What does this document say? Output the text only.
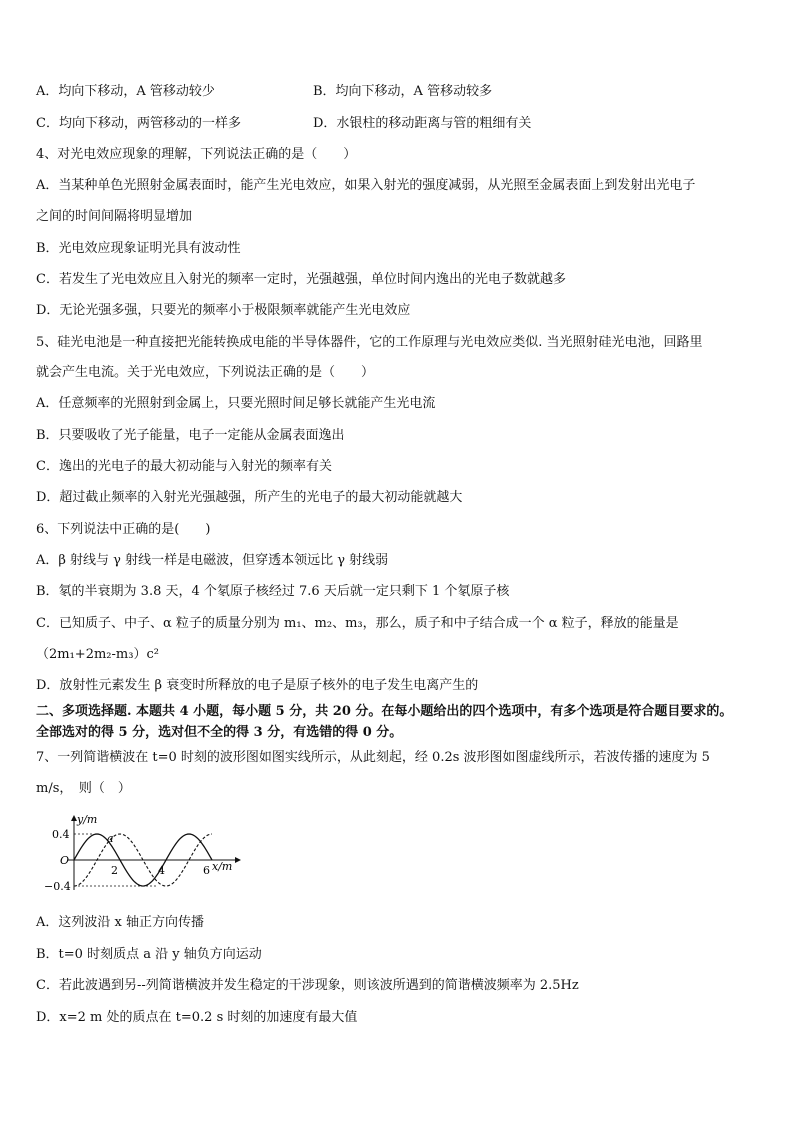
A．均向下移动，A 管移动较少	B．均向下移动，A 管移动较多
C．均向下移动，两管移动的一样多	D．水银柱的移动距离与管的粗细有关
4、对光电效应现象的理解，下列说法正确的是（　　）
A．当某种单色光照射金属表面时，能产生光电效应，如果入射光的强度减弱，从光照至金属表面上到发射出光电子
之间的时间间隔将明显增加
B．光电效应现象证明光具有波动性
C．若发生了光电效应且入射光的频率一定时，光强越强，单位时间内逸出的光电子数就越多
D．无论光强多强，只要光的频率小于极限频率就能产生光电效应
5、硅光电池是一种直接把光能转换成电能的半导体器件，它的工作原理与光电效应类似. 当光照射硅光电池，回路里
就会产生电流。关于光电效应，下列说法正确的是（　　）
A．任意频率的光照射到金属上，只要光照时间足够长就能产生光电流
B．只要吸收了光子能量，电子一定能从金属表面逸出
C．逸出的光电子的最大初动能与入射光的频率有关
D．超过截止频率的入射光光强越强，所产生的光电子的最大初动能就越大
6、下列说法中正确的是(　　)
A．β 射线与 γ 射线一样是电磁波，但穿透本领远比 γ 射线弱
B．氡的半衰期为 3.8 天，4 个氡原子核经过 7.6 天后就一定只剩下 1 个氡原子核
C．已知质子、中子、α 粒子的质量分别为 m₁、m₂、m₃，那么，质子和中子结合成一个 α 粒子，释放的能量是
（2m₁+2m₂-m₃）c²
D．放射性元素发生 β 衰变时所释放的电子是原子核外的电子发生电离产生的
二、多项选择题. 本题共 4 小题，每小题 5 分，共 20 分。在每小题给出的四个选项中，有多个选项是符合题目要求的。
全部选对的得 5 分，选对但不全的得 3 分，有选错的得 0 分。
7、一列简谐横波在 t=0 时刻的波形图如图实线所示，从此刻起，经 0.2s 波形图如图虚线所示，若波传播的速度为 5
m/s，　则（　）
y/m
x/m
O
0.4
−0.4
2	4	6
a
A．这列波沿 x 轴正方向传播
B．t=0 时刻质点 a 沿 y 轴负方向运动
C．若此波遇到另--列简谐横波并发生稳定的干涉现象，则该波所遇到的简谐横波频率为 2.5Hz
D．x=2 m 处的质点在 t=0.2 s 时刻的加速度有最大值
